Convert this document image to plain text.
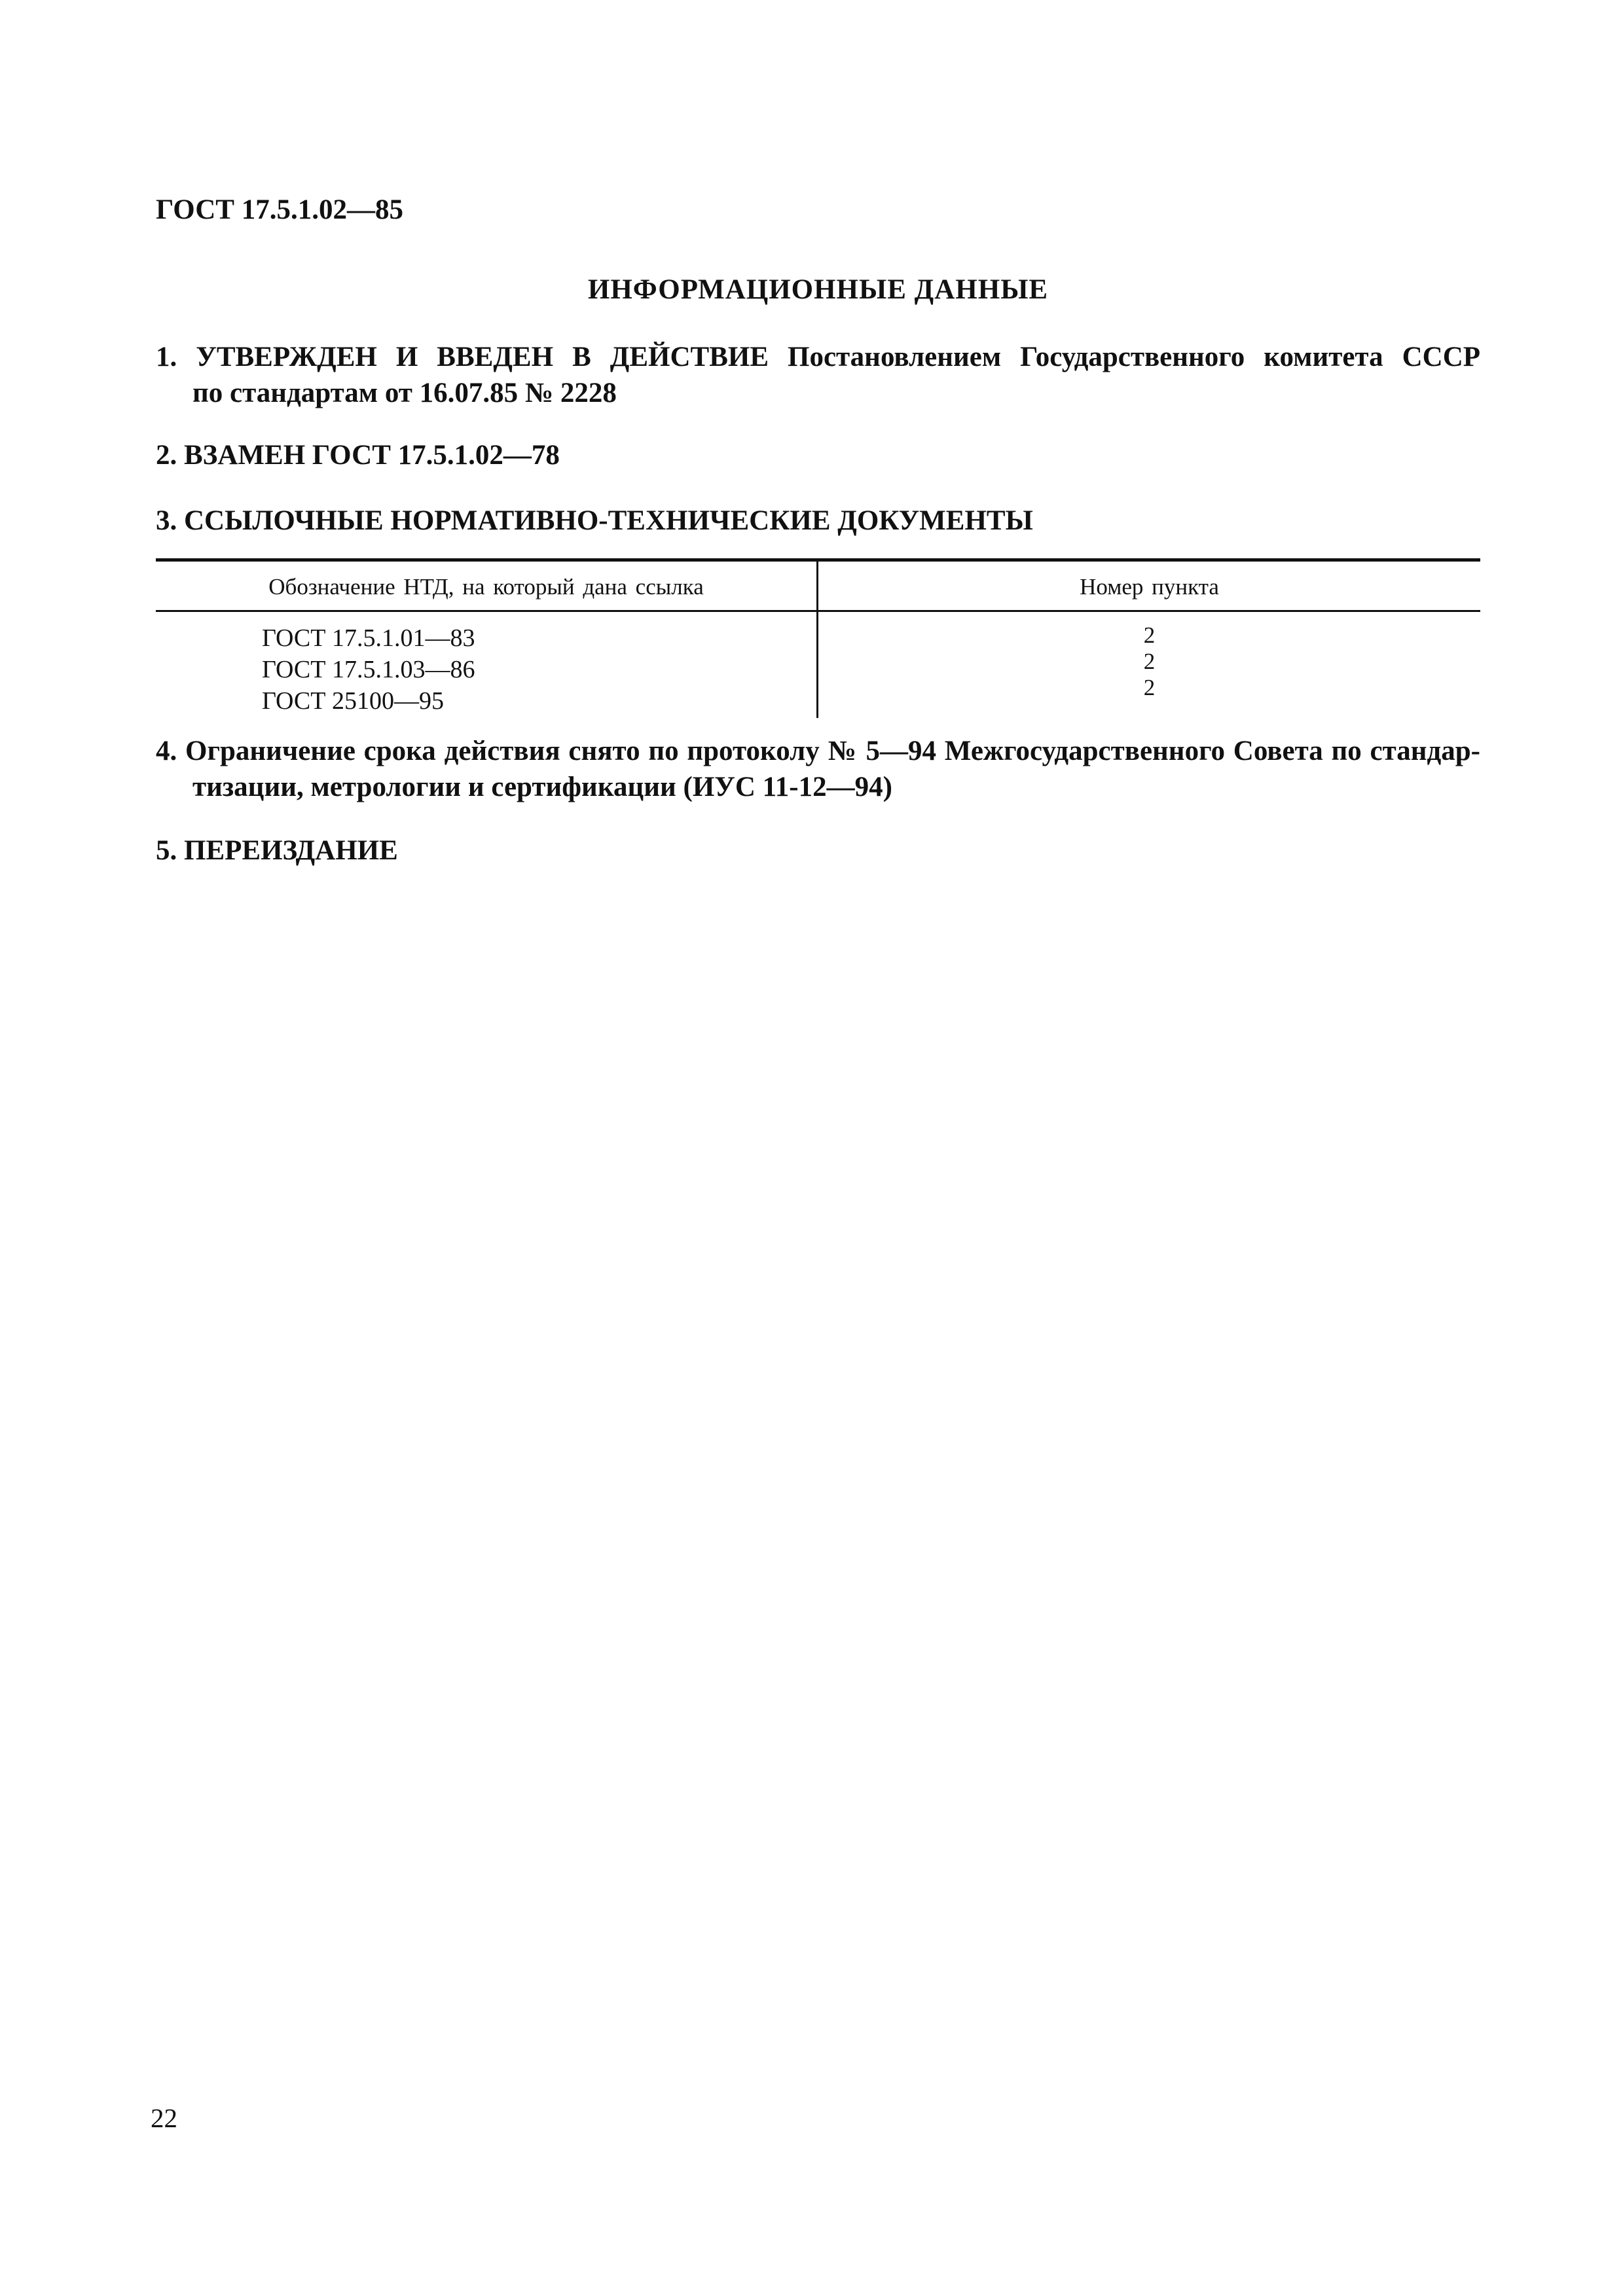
ГОСТ 17.5.1.02—85
ИНФОРМАЦИОННЫЕ ДАННЫЕ
1. УТВЕРЖДЕН И ВВЕДЕН В ДЕЙСТВИЕ Постановлением Государственного комитета СССР
по стандартам от 16.07.85 № 2228
2. ВЗАМЕН ГОСТ 17.5.1.02—78
3. ССЫЛОЧНЫЕ НОРМАТИВНО-ТЕХНИЧЕСКИЕ ДОКУМЕНТЫ
Обозначение НТД, на который дана ссылка	Номер пункта
ГОСТ 17.5.1.01—83
ГОСТ 17.5.1.03—86
ГОСТ 25100—95
2
2
2
4. Ограничение срока действия снято по протоколу № 5—94 Межгосударственного Совета по стандар-
тизации, метрологии и сертификации (ИУС 11-12—94)
5. ПЕРЕИЗДАНИЕ
22
